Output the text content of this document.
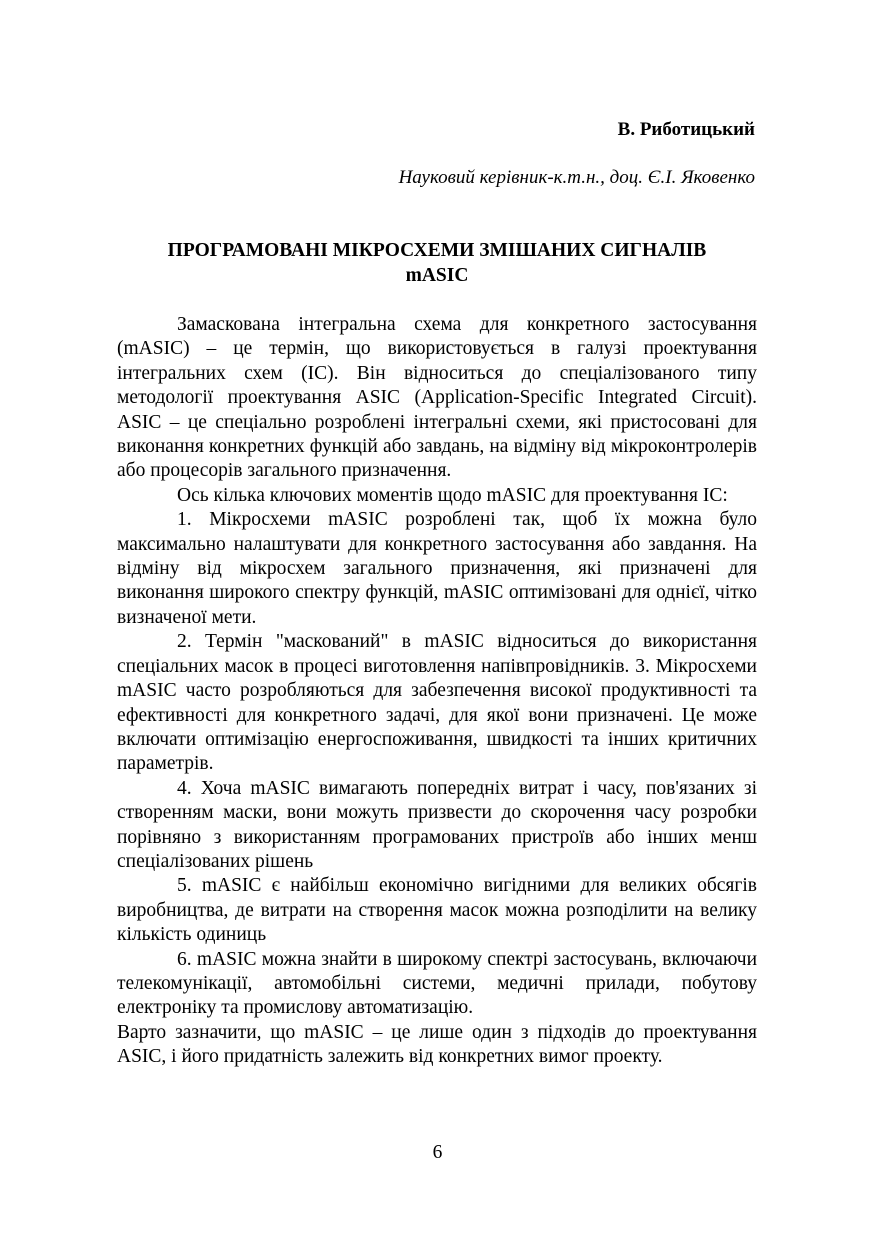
В. Риботицький

Науковий керівник-к.т.н., доц. Є.І. Яковенко

ПРОГРАМОВАНІ МІКРОСХЕМИ ЗМІШАНИХ СИГНАЛІВ
mASIC

Замаскована інтегральна схема для конкретного застосування (mASIC) – це термін, що використовується в галузі проектування інтегральних схем (IC). Він відноситься до спеціалізованого типу методології проектування ASIC (Application-Specific Integrated Circuit). ASIC – це спеціально розроблені інтегральні схеми, які пристосовані для виконання конкретних функцій або завдань, на відміну від мікроконтролерів або процесорів загального призначення.

Ось кілька ключових моментів щодо mASIC для проектування IC:

1. Мікросхеми mASIC розроблені так, щоб їх можна було максимально налаштувати для конкретного застосування або завдання. На відміну від мікросхем загального призначення, які призначені для виконання широкого спектру функцій, mASIC оптимізовані для однієї, чітко визначеної мети.

2. Термін "маскований" в mASIC відноситься до використання спеціальних масок в процесі виготовлення напівпровідників. 3. Мікросхеми mASIC часто розробляються для забезпечення високої продуктивності та ефективності для конкретного задачі, для якої вони призначені. Це може включати оптимізацію енергоспоживання, швидкості та інших критичних параметрів.

4. Хоча mASIC вимагають попередніх витрат і часу, пов'язаних зі створенням маски, вони можуть призвести до скорочення часу розробки порівняно з використанням програмованих пристроїв або інших менш спеціалізованих рішень

5. mASIC є найбільш економічно вигідними для великих обсягів виробництва, де витрати на створення масок можна розподілити на велику кількість одиниць

6. mASIC можна знайти в широкому спектрі застосувань, включаючи телекомунікації, автомобільні системи, медичні прилади, побутову електроніку та промислову автоматизацію.

Варто зазначити, що mASIC – це лише один з підходів до проектування ASIC, і його придатність залежить від конкретних вимог проекту.

6
